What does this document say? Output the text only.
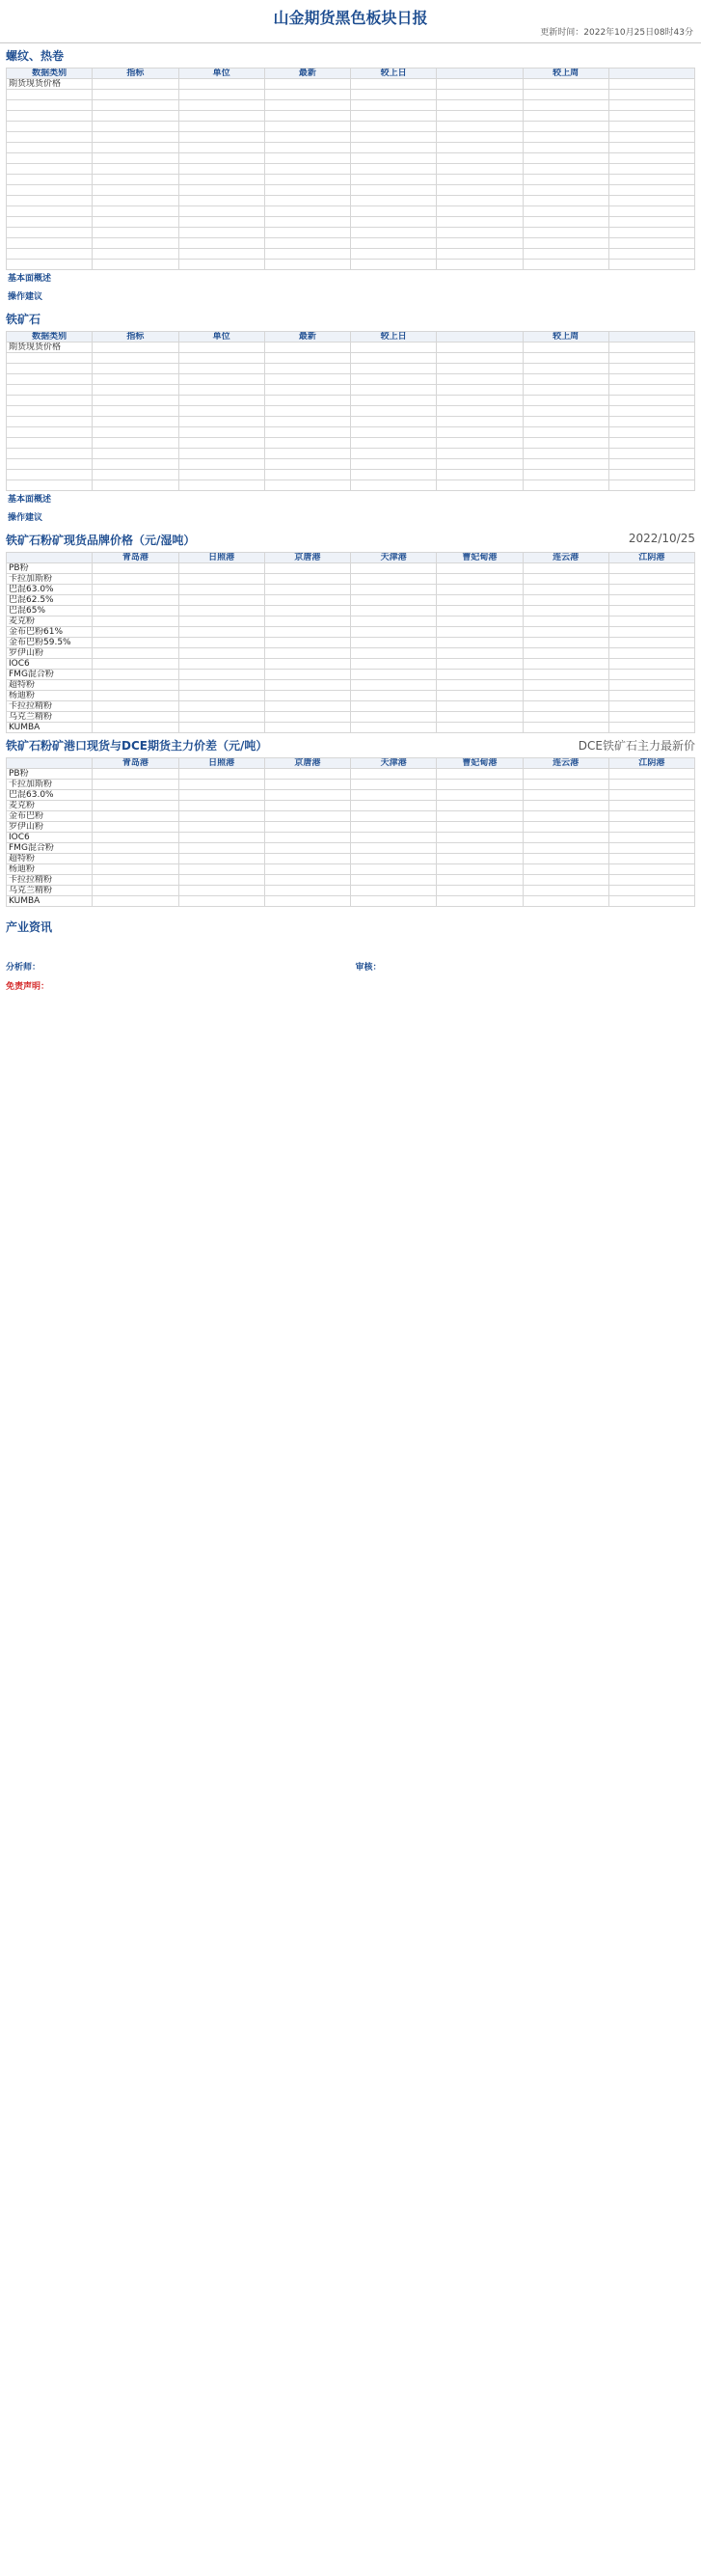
山金期货黑色板块日报
更新时间：2022年10月25日08时43分
螺纹、热卷
数据类别	指标	单位	最新	较上日		较上周	
期货现货价格							

基本面概述
操作建议
铁矿石
数据类别	指标	单位	最新	较上日		较上周	
期货现货价格							

基本面概述
操作建议
铁矿石粉矿现货品牌价格（元/湿吨）	2022/10/25
	青岛港	日照港	京唐港	天津港	曹妃甸港	连云港	江阴港
PB粉							
卡拉加斯粉							
巴混63.0%							
巴混62.5%							
巴混65%							
麦克粉							
金布巴粉61%							
金布巴粉59.5%							
罗伊山粉							
IOC6							
FMG混合粉							
超特粉							
杨迪粉							
卡拉拉精粉							
乌克兰精粉							
KUMBA							
铁矿石粉矿港口现货与DCE期货主力价差（元/吨）	DCE铁矿石主力最新价
	青岛港	日照港	京唐港	天津港	曹妃甸港	连云港	江阴港
PB粉							
卡拉加斯粉							
巴混63.0%							
麦克粉							
金布巴粉							
罗伊山粉							
IOC6							
FMG混合粉							
超特粉							
杨迪粉							
卡拉拉精粉							
乌克兰精粉							
KUMBA							
产业资讯
分析师：	审核：
免责声明：
